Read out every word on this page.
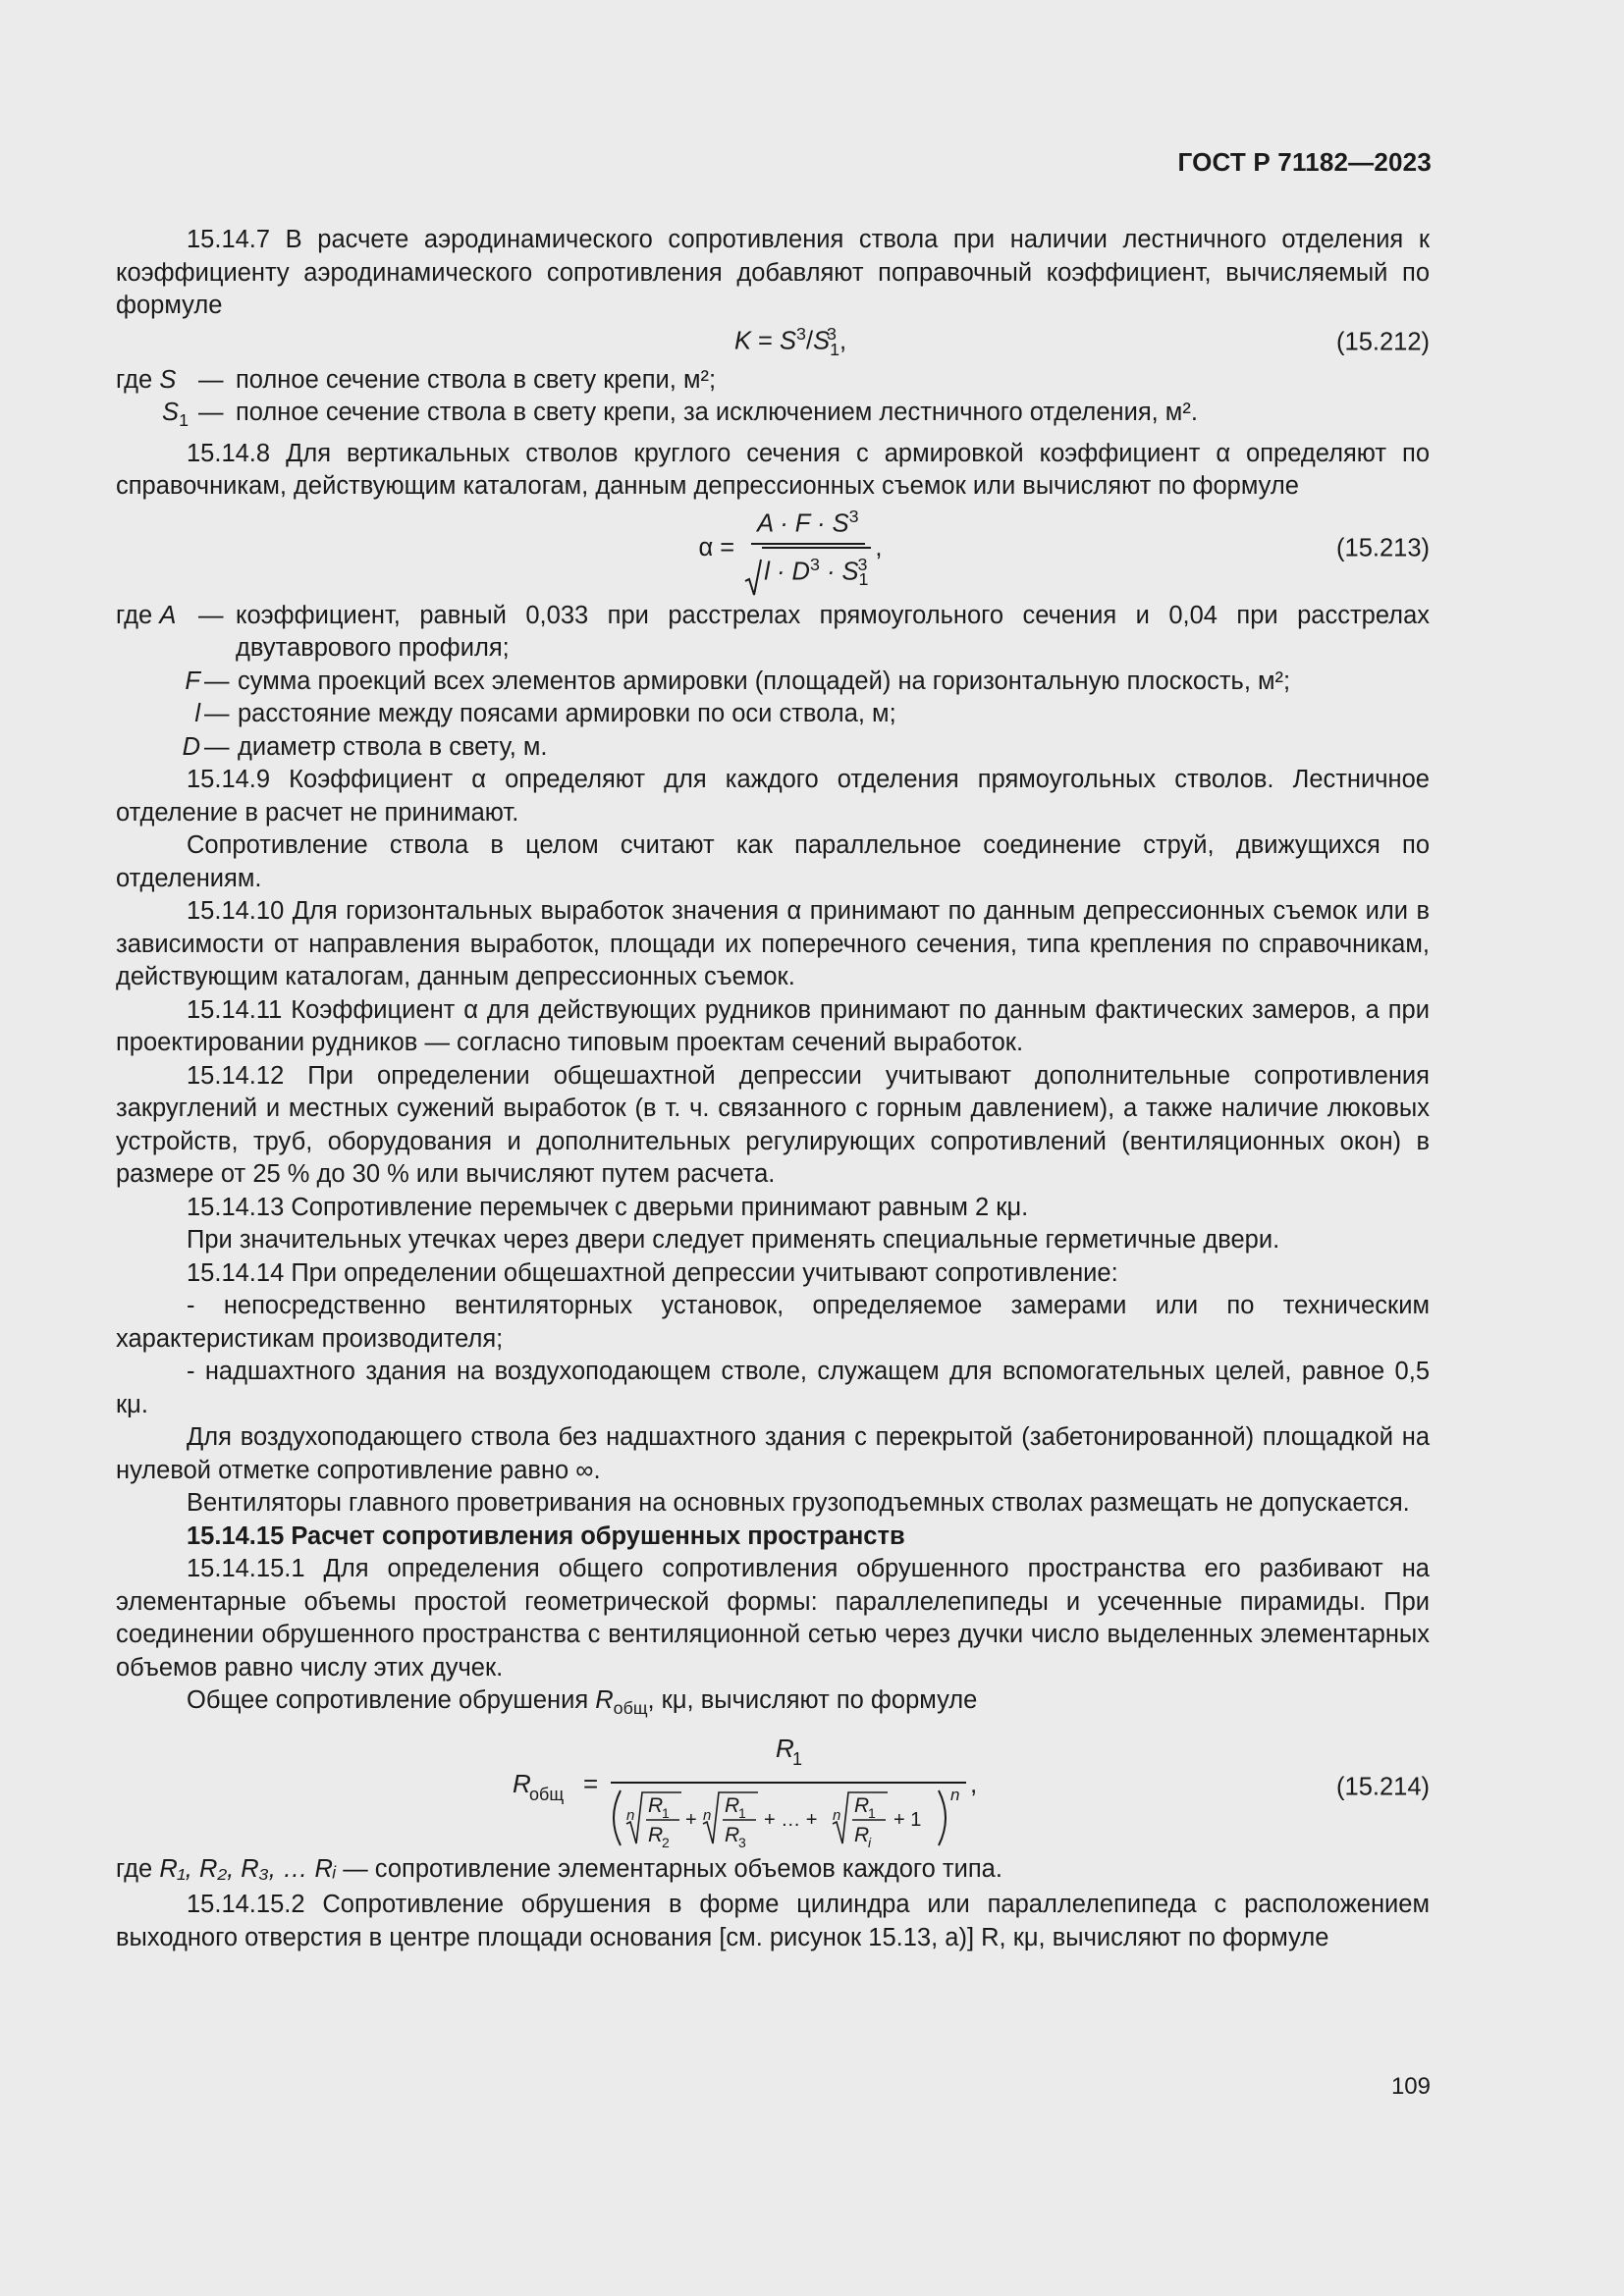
ГОСТ Р 71182—2023

15.14.7 В расчете аэродинамического сопротивления ствола при наличии лестничного отделения к коэффициенту аэродинамического сопротивления добавляют поправочный коэффициент, вычисляемый по формуле

$K = S^3/S_1^3$ ,	(15.212)
где S — полное сечение ствола в свету крепи, м²;
$S_1$ — полное сечение ствола в свету крепи, за исключением лестничного отделения, м².

15.14.8 Для вертикальных стволов круглого сечения с армировкой коэффициент α определяют по справочникам, действующим каталогам, данным депрессионных съемок или вычисляют по формуле

$\alpha = \frac{A \cdot F \cdot S^3}{l \cdot D^3 \cdot S_1^3}$ ,	(15.213)
где A — коэффициент, равный 0,033 при расстрелах прямоугольного сечения и 0,04 при расстрелах двутаврового профиля;
F — сумма проекций всех элементов армировки (площадей) на горизонтальную плоскость, м²;
l — расстояние между поясами армировки по оси ствола, м;
D — диаметр ствола в свету, м.

15.14.9 Коэффициент α определяют для каждого отделения прямоугольных стволов. Лестничное отделение в расчет не принимают.

Сопротивление ствола в целом считают как параллельное соединение струй, движущихся по отделениям.

15.14.10 Для горизонтальных выработок значения α принимают по данным депрессионных съемок или в зависимости от направления выработок, площади их поперечного сечения, типа крепления по справочникам, действующим каталогам, данным депрессионных съемок.

15.14.11 Коэффициент α для действующих рудников принимают по данным фактических замеров, а при проектировании рудников — согласно типовым проектам сечений выработок.

15.14.12 При определении общешахтной депрессии учитывают дополнительные сопротивления закруглений и местных сужений выработок (в т. ч. связанного с горным давлением), а также наличие люковых устройств, труб, оборудования и дополнительных регулирующих сопротивлений (вентиляционных окон) в размере от 25 % до 30 % или вычисляют путем расчета.

15.14.13 Сопротивление перемычек с дверьми принимают равным 2 кμ.

При значительных утечках через двери следует применять специальные герметичные двери.

15.14.14 При определении общешахтной депрессии учитывают сопротивление:

- непосредственно вентиляторных установок, определяемое замерами или по техническим характеристикам производителя;

- надшахтного здания на воздухоподающем стволе, служащем для вспомогательных целей, равное 0,5 кμ.

Для воздухоподающего ствола без надшахтного здания с перекрытой (забетонированной) площадкой на нулевой отметке сопротивление равно ∞.

Вентиляторы главного проветривания на основных грузоподъемных стволах размещать не допускается.

15.14.15 Расчет сопротивления обрушенных пространств

15.14.15.1 Для определения общего сопротивления обрушенного пространства его разбивают на элементарные объемы простой геометрической формы: параллелепипеды и усеченные пирамиды. При соединении обрушенного пространства с вентиляционной сетью через дучки число выделенных элементарных объемов равно числу этих дучек.

Общее сопротивление обрушения $R_{общ}$, кμ, вычисляют по формуле

R
общ =
R
1
n R
1
R
2
+ n R
1
R
3
+ … + n R
1
R
i
+ 1
n ,	(15.214)

где R₁, R₂, R₃, … Rᵢ — сопротивление элементарных объемов каждого типа.

15.14.15.2 Сопротивление обрушения в форме цилиндра или параллелепипеда с расположением выходного отверстия в центре площади основания [см. рисунок 15.13, а)] R, кμ, вычисляют по формуле

109
